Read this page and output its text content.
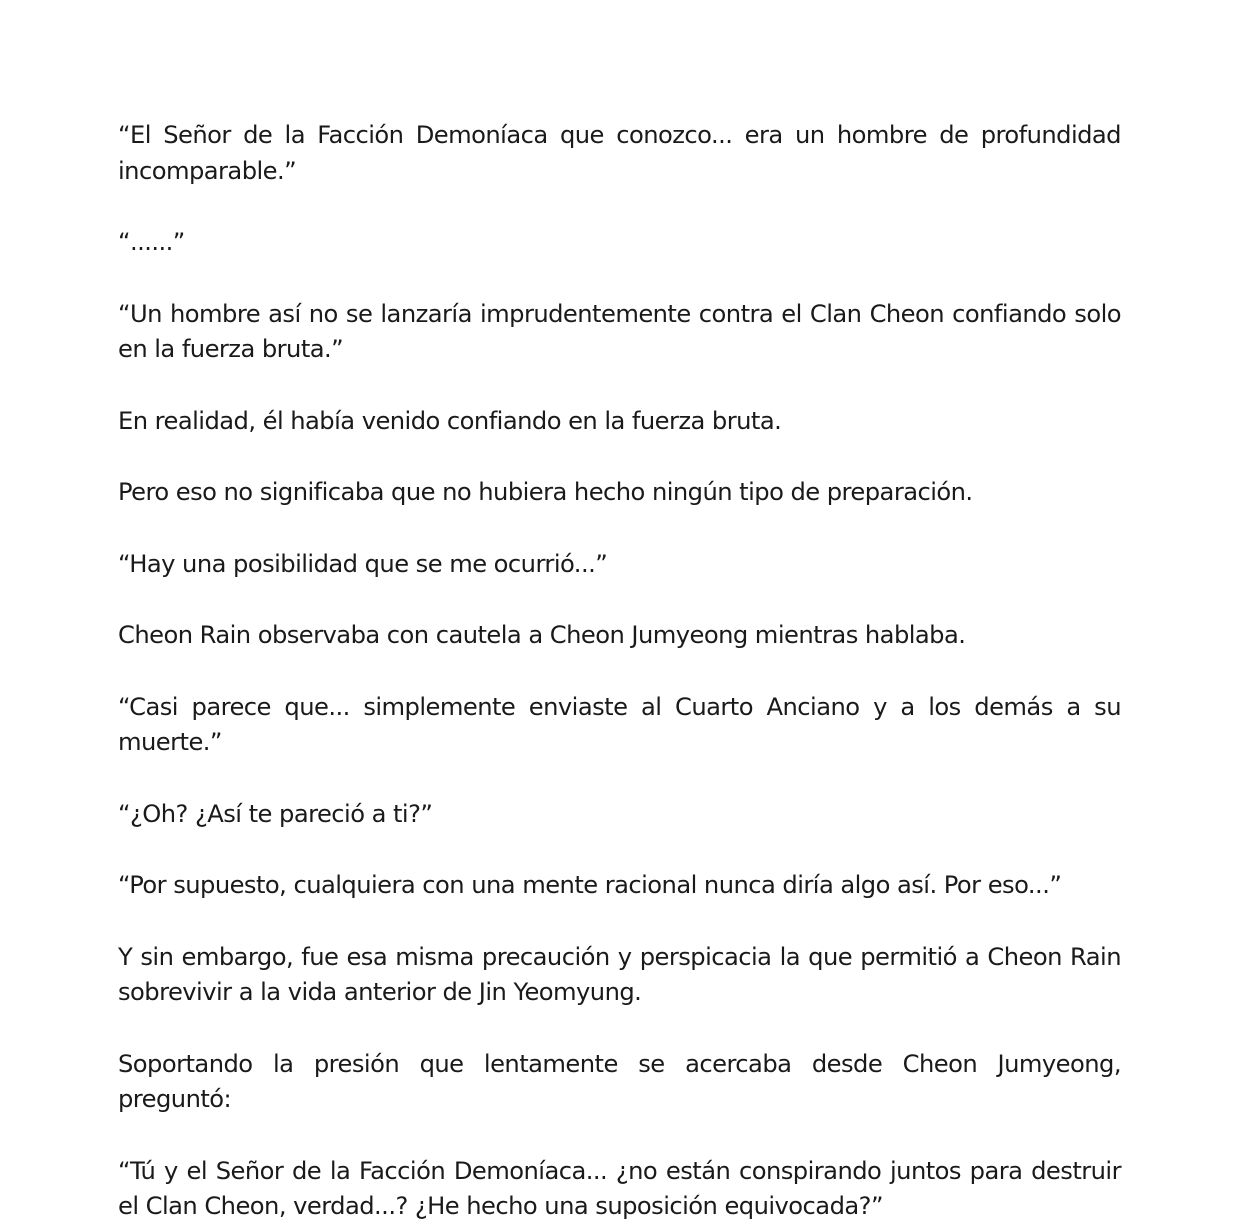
“El Señor de la Facción Demoníaca que conozco... era un hombre de profundidad incomparable.”

“......”

“Un hombre así no se lanzaría imprudentemente contra el Clan Cheon confiando solo en la fuerza bruta.”

En realidad, él había venido confiando en la fuerza bruta.

Pero eso no significaba que no hubiera hecho ningún tipo de preparación.

“Hay una posibilidad que se me ocurrió...”

Cheon Rain observaba con cautela a Cheon Jumyeong mientras hablaba.

“Casi parece que... simplemente enviaste al Cuarto Anciano y a los demás a su muerte.”

“¿Oh? ¿Así te pareció a ti?”

“Por supuesto, cualquiera con una mente racional nunca diría algo así. Por eso...”

Y sin embargo, fue esa misma precaución y perspicacia la que permitió a Cheon Rain sobrevivir a la vida anterior de Jin Yeomyung.

Soportando la presión que lentamente se acercaba desde Cheon Jumyeong, preguntó:

“Tú y el Señor de la Facción Demoníaca... ¿no están conspirando juntos para destruir el Clan Cheon, verdad...? ¿He hecho una suposición equivocada?”
